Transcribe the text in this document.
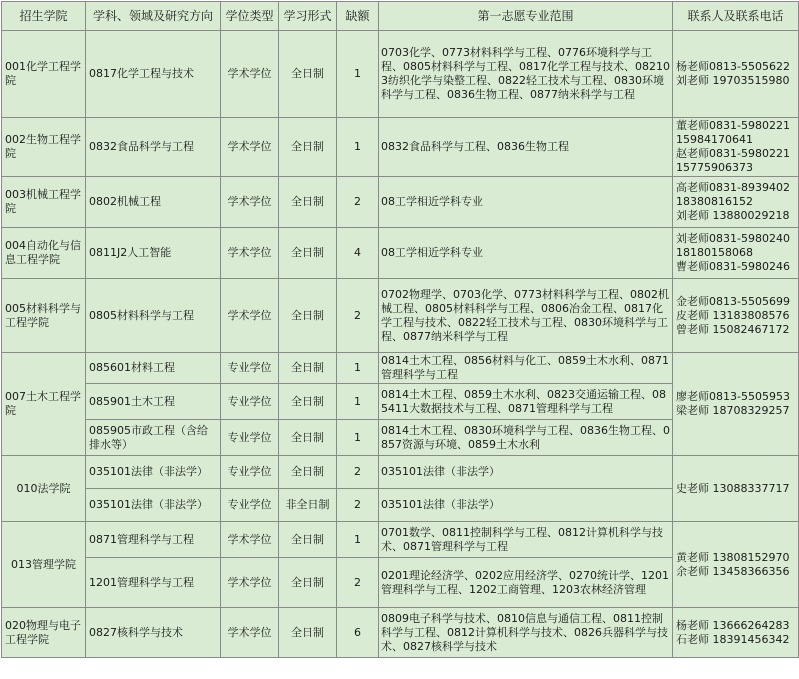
招生学院	学科、领域及研究方向	学位类型	学习形式	缺额	第一志愿专业范围	联系人及联系电话
001化学工程学院	0817化学工程与技术	学术学位	全日制	1	0703化学、0773材料科学与工程、0776环境科学与工程、0805材料科学与工程、0817化学工程与技术、082103纺织化学与染整工程、0822轻工技术与工程、0830环境科学与工程、0836生物工程、0877纳米科学与工程	杨老师0813-5505622
刘老师 19703515980

002生物工程学院	0832食品科学与工程	学术学位	全日制	1	0832食品科学与工程、0836生物工程	董老师0831-5980221
15984170641
赵老师0831-5980221
15775906373

003机械工程学院	0802机械工程	学术学位	全日制	2	08工学相近学科专业	高老师0831-8939402
18380816152
刘老师 13880029218

004自动化与信息工程学院	0811J2人工智能	学术学位	全日制	4	08工学相近学科专业	刘老师0831-5980240
18180158068
曹老师0831-5980246

005材料科学与工程学院	0805材料科学与工程	学术学位	全日制	2	0702物理学、0703化学、0773材料科学与工程、0802机械工程、0805材料科学与工程、0806冶金工程、0817化学工程与技术、0822轻工技术与工程、0830环境科学与工程、0877纳米科学与工程	金老师0813-5505699
皮老师 13183808576
曾老师 15082467172

007土木工程学院	085601材料工程	专业学位	全日制	1	0814土木工程、0856材料与化工、0859土木水利、0871管理科学与工程	廖老师0813-5505953
梁老师 18708329257

	085901土木工程	专业学位	全日制	1	0814土木工程、0859土木水利、0823交通运输工程、085411大数据技术与工程、0871管理科学与工程	
	085905市政工程（含给排水等）	专业学位	全日制	1	0814土木工程、0830环境科学与工程、0836生物工程、0857资源与环境、0859土木水利	
010法学院	035101法律（非法学）	专业学位	全日制	2	035101法律（非法学）	史老师 13088337717

	035101法律（非法学）	专业学位	非全日制	2	035101法律（非法学）	
013管理学院	0871管理科学与工程	学术学位	全日制	1	0701数学、0811控制科学与工程、0812计算机科学与技术、0871管理科学与工程	黄老师 13808152970
余老师 13458366356

	1201管理科学与工程	学术学位	全日制	2	0201理论经济学、0202应用经济学、0270统计学、1201管理科学与工程、1202工商管理、1203农林经济管理	
020物理与电子工程学院	0827核科学与技术	学术学位	全日制	6	0809电子科学与技术、0810信息与通信工程、0811控制科学与工程、0812计算机科学与技术、0826兵器科学与技术、0827核科学与技术	杨老师 13666264283
石老师 18391456342
